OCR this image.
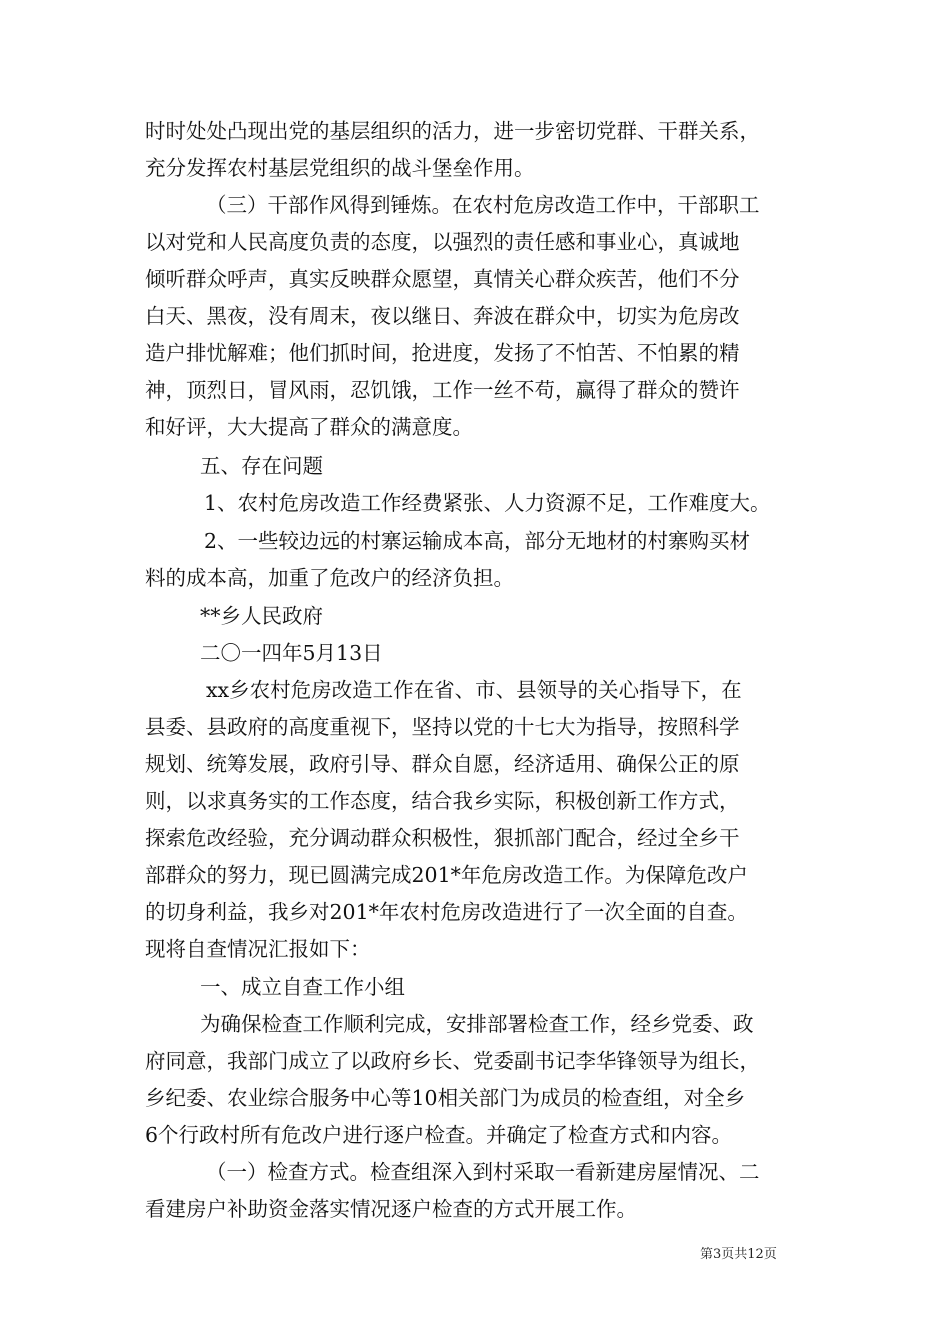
时时处处凸现出党的基层组织的活力，进一步密切党群、干群关系，
充分发挥农村基层党组织的战斗堡垒作用。
（三）干部作风得到锤炼。在农村危房改造工作中，干部职工
以对党和人民高度负责的态度，以强烈的责任感和事业心，真诚地
倾听群众呼声，真实反映群众愿望，真情关心群众疾苦，他们不分
白天、黑夜，没有周末，夜以继日、奔波在群众中，切实为危房改
造户排忧解难；他们抓时间，抢进度，发扬了不怕苦、不怕累的精
神，顶烈日，冒风雨，忍饥饿，工作一丝不苟，赢得了群众的赞许
和好评，大大提高了群众的满意度。
五、存在问题
1、农村危房改造工作经费紧张、人力资源不足，工作难度大。
2、一些较边远的村寨运输成本高，部分无地材的村寨购买材
料的成本高，加重了危改户的经济负担。
**乡人民政府
二〇一四年5月13日
xx乡农村危房改造工作在省、市、县领导的关心指导下，在
县委、县政府的高度重视下，坚持以党的十七大为指导，按照科学
规划、统筹发展，政府引导、群众自愿，经济适用、确保公正的原
则，以求真务实的工作态度，结合我乡实际，积极创新工作方式，
探索危改经验，充分调动群众积极性，狠抓部门配合，经过全乡干
部群众的努力，现已圆满完成201*年危房改造工作。为保障危改户
的切身利益，我乡对201*年农村危房改造进行了一次全面的自查。
现将自查情况汇报如下：
一、成立自查工作小组
为确保检查工作顺利完成，安排部署检查工作，经乡党委、政
府同意，我部门成立了以政府乡长、党委副书记李华锋领导为组长，
乡纪委、农业综合服务中心等10相关部门为成员的检查组，对全乡
6个行政村所有危改户进行逐户检查。并确定了检查方式和内容。
（一）检查方式。检查组深入到村采取一看新建房屋情况、二
看建房户补助资金落实情况逐户检查的方式开展工作。
第3页共12页
